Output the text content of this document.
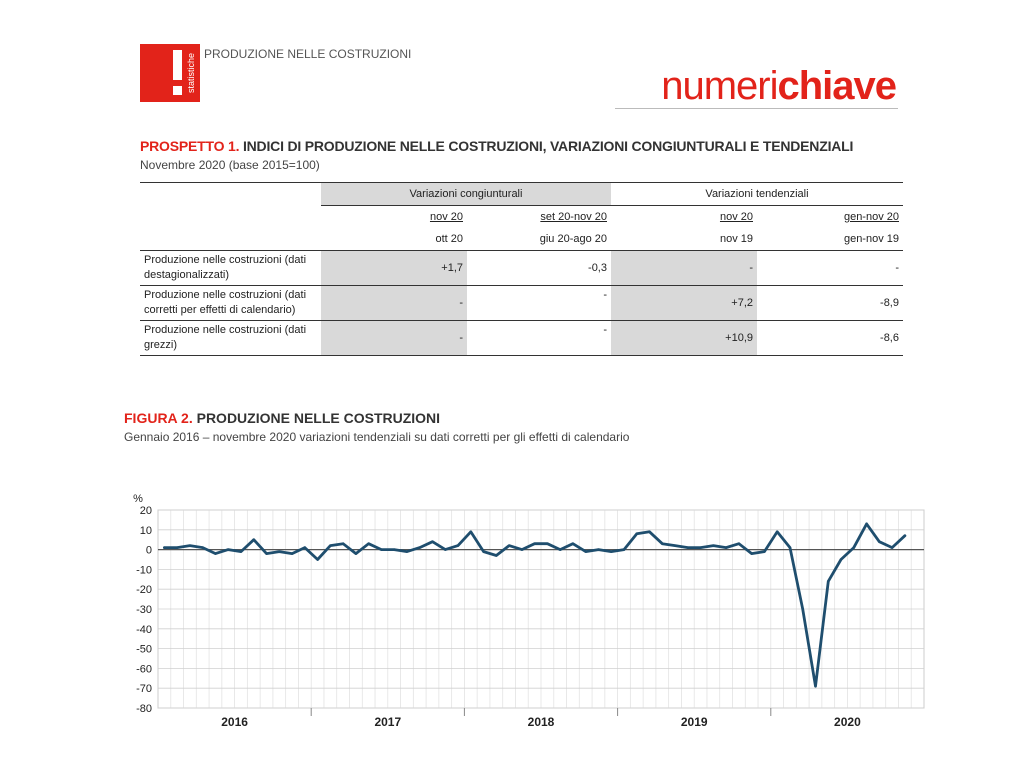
statistiche PRODUZIONE NELLE COSTRUZIONI
numerichiave
PROSPETTO 1. INDICI DI PRODUZIONE NELLE COSTRUZIONI, VARIAZIONI CONGIUNTURALI E TENDENZIALI
Novembre 2020 (base 2015=100)
	Variazioni congiunturali		Variazioni tendenziali	
	nov 20	set 20-nov 20	nov 20	gen-nov 20
	ott 20	giu 20-ago 20	nov 19	gen-nov 19
Produzione nelle costruzioni (dati
destagionalizzati)	+1,7	-0,3	-	-
Produzione nelle costruzioni (dati
corretti per effetti di calendario)	-	-	+7,2	-8,9
Produzione nelle costruzioni (dati
grezzi)	-	-	+10,9	-8,6
FIGURA 2. PRODUZIONE NELLE COSTRUZIONI
Gennaio 2016 – novembre 2020 variazioni tendenziali su dati corretti per gli effetti di calendario
20
10
0
-10
-20
-30
-40
-50
-60
-70
-80
%
2016	2017	2018	2019	2020
